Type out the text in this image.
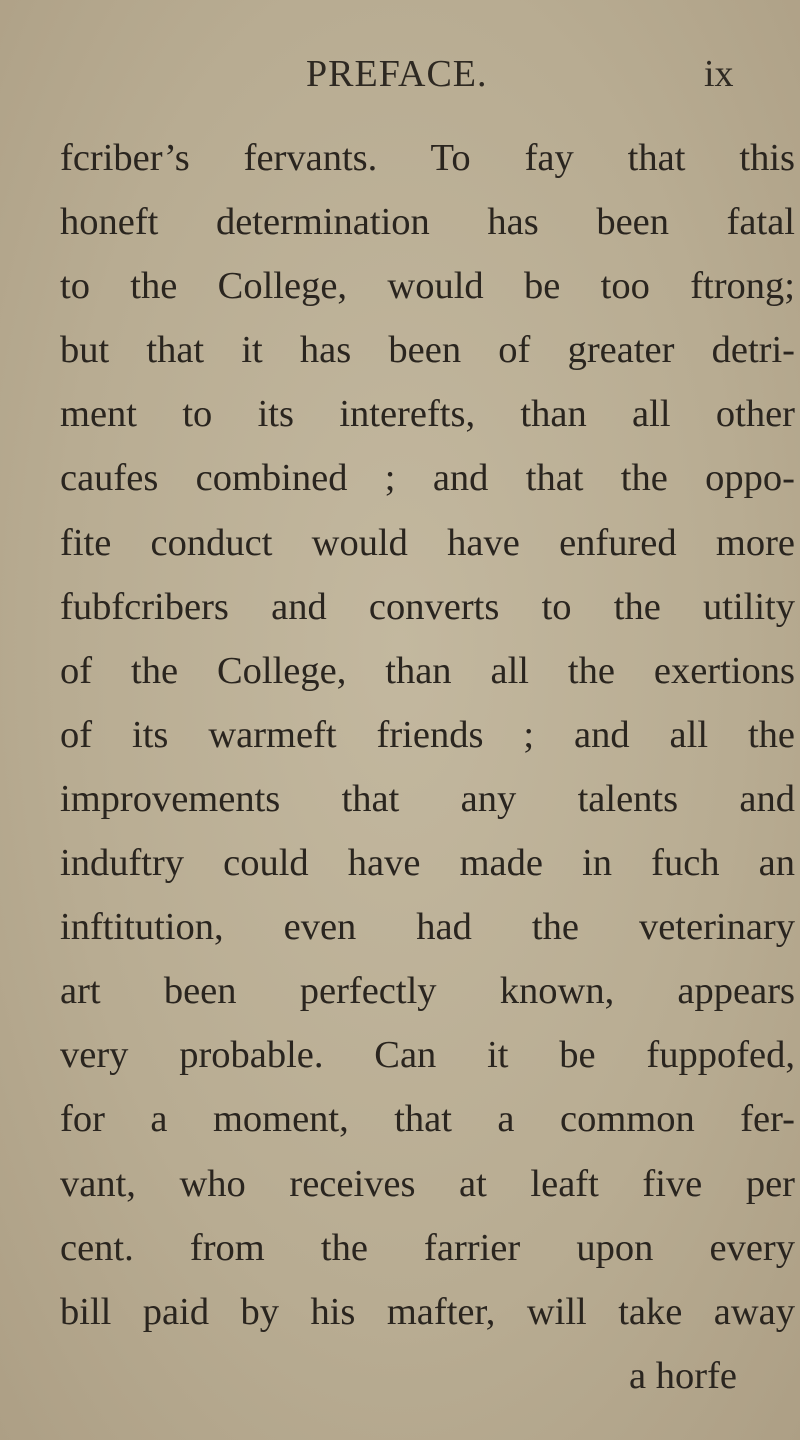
PREFACE.	ix
fcriber’s fervants. To fay that this
honeft determination has been fatal
to the College, would be too ftrong;
but that it has been of greater detri-
ment to its interefts, than all other
caufes combined ; and that the oppo-
fite conduct would have enfured more
fubfcribers and converts to the utility
of the College, than all the exertions
of its warmeft friends ; and all the
improvements that any talents and
induftry could have made in fuch an
inftitution, even had the veterinary
art been perfectly known, appears
very probable. Can it be fuppofed,
for a moment, that a common fer-
vant, who receives at leaft five per
cent. from the farrier upon every
bill paid by his mafter, will take away
a horfe
